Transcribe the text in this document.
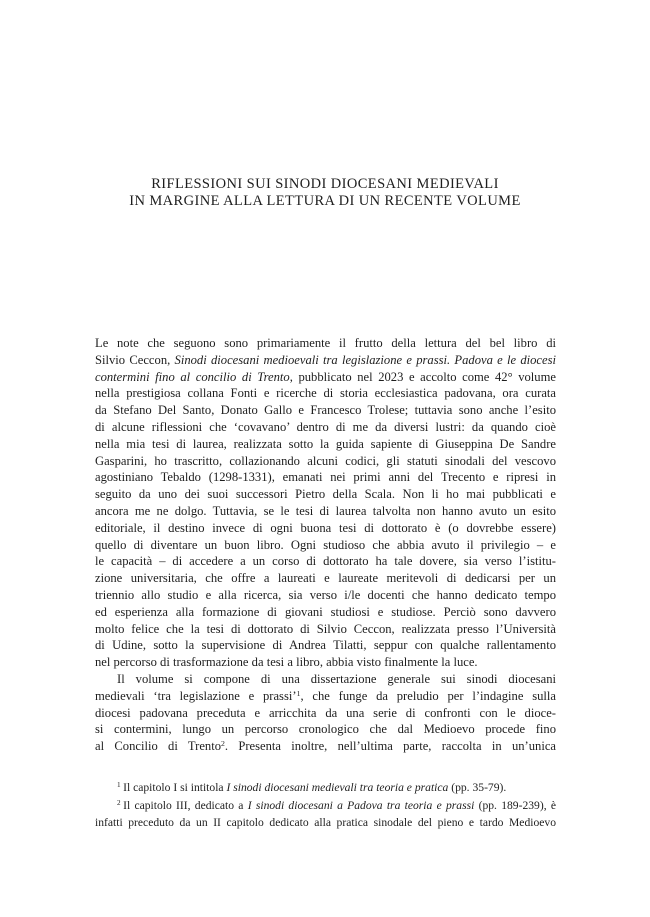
RIFLESSIONI SUI SINODI DIOCESANI MEDIEVALI
IN MARGINE ALLA LETTURA DI UN RECENTE VOLUME
Le note che seguono sono primariamente il frutto della lettura del bel libro di
Silvio Ceccon, Sinodi diocesani medioevali tra legislazione e prassi. Padova e le diocesi
contermini fino al concilio di Trento, pubblicato nel 2023 e accolto come 42° volume
nella prestigiosa collana Fonti e ricerche di storia ecclesiastica padovana, ora curata
da Stefano Del Santo, Donato Gallo e Francesco Trolese; tuttavia sono anche l’esito
di alcune riflessioni che ‘covavano’ dentro di me da diversi lustri: da quando cioè
nella mia tesi di laurea, realizzata sotto la guida sapiente di Giuseppina De Sandre
Gasparini, ho trascritto, collazionando alcuni codici, gli statuti sinodali del vescovo
agostiniano Tebaldo (1298-1331), emanati nei primi anni del Trecento e ripresi in
seguito da uno dei suoi successori Pietro della Scala. Non li ho mai pubblicati e
ancora me ne dolgo. Tuttavia, se le tesi di laurea talvolta non hanno avuto un esito
editoriale, il destino invece di ogni buona tesi di dottorato è (o dovrebbe essere)
quello di diventare un buon libro. Ogni studioso che abbia avuto il privilegio – e
le capacità – di accedere a un corso di dottorato ha tale dovere, sia verso l’istitu-
zione universitaria, che offre a laureati e laureate meritevoli di dedicarsi per un
triennio allo studio e alla ricerca, sia verso i/le docenti che hanno dedicato tempo
ed esperienza alla formazione di giovani studiosi e studiose. Perciò sono davvero
molto felice che la tesi di dottorato di Silvio Ceccon, realizzata presso l’Università
di Udine, sotto la supervisione di Andrea Tilatti, seppur con qualche rallentamento
nel percorso di trasformazione da tesi a libro, abbia visto finalmente la luce.
Il volume si compone di una dissertazione generale sui sinodi diocesani
medievali ‘tra legislazione e prassi’$^1$, che funge da preludio per l’indagine sulla
diocesi padovana preceduta e arricchita da una serie di confronti con le dioce-
si contermini, lungo un percorso cronologico che dal Medioevo procede fino
al Concilio di Trento$^2$. Presenta inoltre, nell’ultima parte, raccolta in un’unica
$^1$ Il capitolo I si intitola I sinodi diocesani medievali tra teoria e pratica (pp. 35-79).
$^2$ Il capitolo III, dedicato a I sinodi diocesani a Padova tra teoria e prassi (pp. 189-239), è
infatti preceduto da un II capitolo dedicato alla pratica sinodale del pieno e tardo Medioevo
